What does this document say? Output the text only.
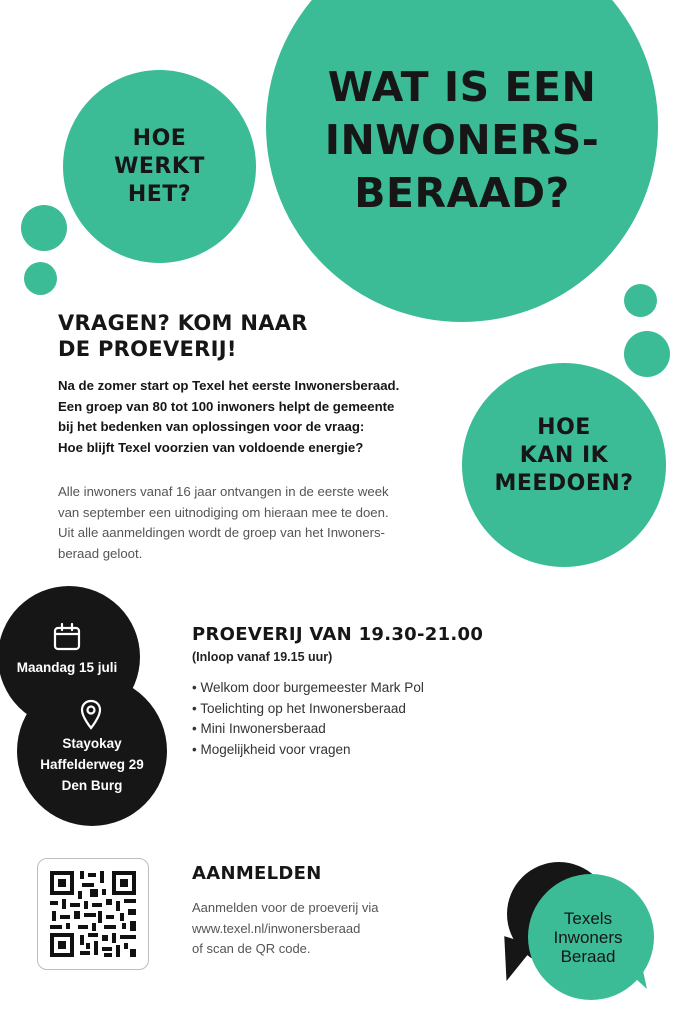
WAT IS EEN
INWONERS-
BERAAD?
HOE
WERKT
HET?
HOE
KAN IK
MEEDOEN?
VRAGEN? KOM NAAR
DE PROEVERIJ!
Na de zomer start op Texel het eerste Inwonersberaad.
Een groep van 80 tot 100 inwoners helpt de gemeente
bij het bedenken van oplossingen voor de vraag:
Hoe blijft Texel voorzien van voldoende energie?
Alle inwoners vanaf 16 jaar ontvangen in de eerste week
van september een uitnodiging om hieraan mee te doen.
Uit alle aanmeldingen wordt de groep van het Inwoners-
beraad geloot.
Maandag 15 juli
Stayokay
Haffelderweg 29
Den Burg
PROEVERIJ VAN 19.30-21.00
(Inloop vanaf 19.15 uur)
• Welkom door burgemeester Mark Pol
• Toelichting op het Inwonersberaad
• Mini Inwonersberaad
• Mogelijkheid voor vragen
AANMELDEN
Aanmelden voor de proeverij via
www.texel.nl/inwonersberaad
of scan de QR code.
Texels
Inwoners
Beraad
